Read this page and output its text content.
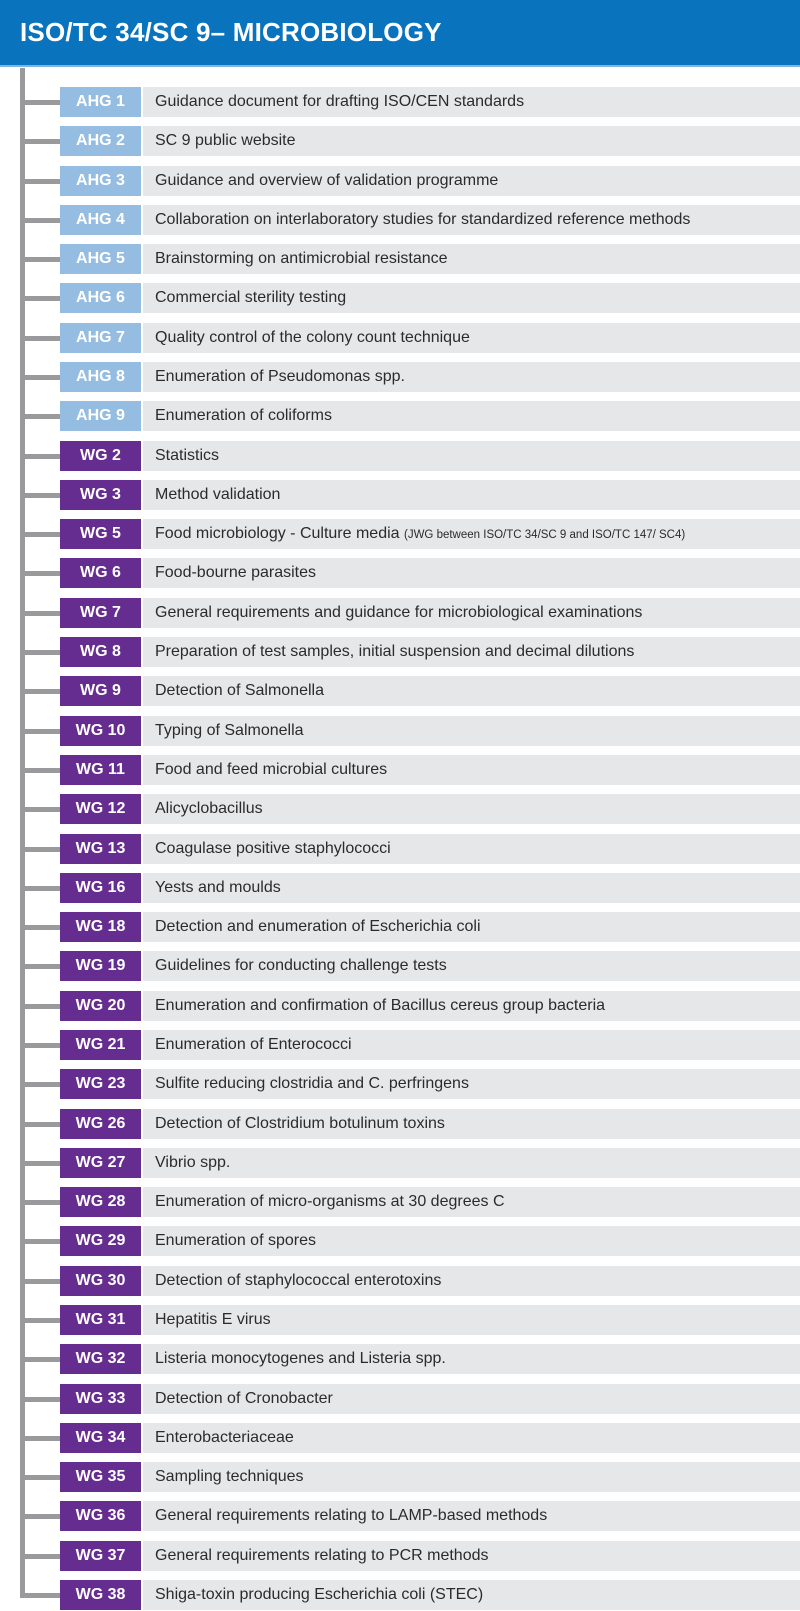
ISO/TC 34/SC 9– MICROBIOLOGY
AHG 1	Guidance document for drafting ISO/CEN standards
AHG 2	SC 9 public website
AHG 3	Guidance and overview of validation programme
AHG 4	Collaboration on interlaboratory studies for standardized reference methods
AHG 5	Brainstorming on antimicrobial resistance
AHG 6	Commercial sterility testing
AHG 7	Quality control of the colony count technique
AHG 8	Enumeration of Pseudomonas spp.
AHG 9	Enumeration of coliforms
WG 2	Statistics
WG 3	Method validation
WG 5	Food microbiology - Culture media (JWG between ISO/TC 34/SC 9 and ISO/TC 147/ SC4)
WG 6	Food-bourne parasites
WG 7	General requirements and guidance for microbiological examinations
WG 8	Preparation of test samples, initial suspension and decimal dilutions
WG 9	Detection of Salmonella
WG 10	Typing of Salmonella
WG 11	Food and feed microbial cultures
WG 12	Alicyclobacillus
WG 13	Coagulase positive staphylococci
WG 16	Yests and moulds
WG 18	Detection and enumeration of Escherichia coli
WG 19	Guidelines for conducting challenge tests
WG 20	Enumeration and confirmation of Bacillus cereus group bacteria
WG 21	Enumeration of Enterococci
WG 23	Sulfite reducing clostridia and C. perfringens
WG 26	Detection of Clostridium botulinum toxins
WG 27	Vibrio spp.
WG 28	Enumeration of micro-organisms at 30 degrees C
WG 29	Enumeration of spores
WG 30	Detection of staphylococcal enterotoxins
WG 31	Hepatitis E virus
WG 32	Listeria monocytogenes and Listeria spp.
WG 33	Detection of Cronobacter
WG 34	Enterobacteriaceae
WG 35	Sampling techniques
WG 36	General requirements relating to LAMP-based methods
WG 37	General requirements relating to PCR methods
WG 38	Shiga-toxin producing Escherichia coli (STEC)
